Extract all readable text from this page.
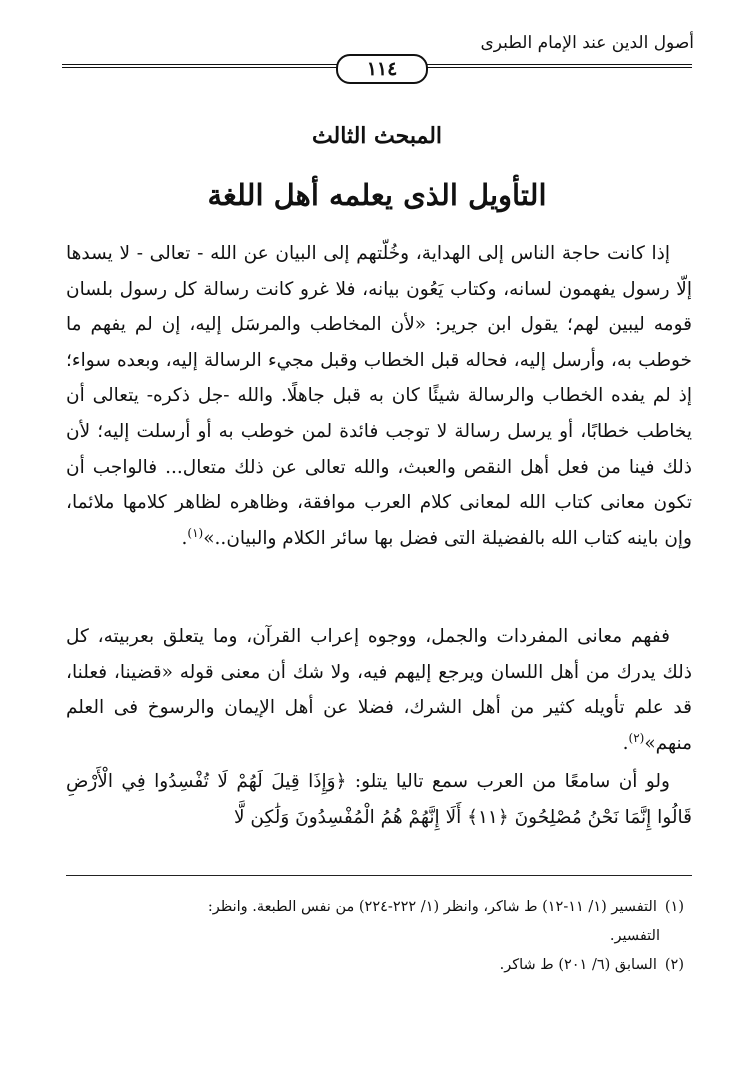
أصول الدين عند الإمام الطبرى
١١٤
المبحث الثالث
التأويل الذى يعلمه أهل اللغة

إذا كانت حاجة الناس إلى الهداية، وخُلّتهم إلى البيان عن الله - تعالى - لا يسدها إلّا رسول يفهمون لسانه، وكتاب يَعُون بيانه، فلا غرو كانت رسالة كل رسول بلسان قومه ليبين لهم؛ يقول ابن جرير: «لأن المخاطب والمرسَل إليه، إن لم يفهم ما خوطب به، وأرسل إليه، فحاله قبل الخطاب وقبل مجيء الرسالة إليه، وبعده سواء؛ إذ لم يفده الخطاب والرسالة شيئًا كان به قبل جاهلًا. والله -جل ذكره- يتعالى أن يخاطب خطابًا، أو يرسل رسالة لا توجب فائدة لمن خوطب به أو أرسلت إليه؛ لأن ذلك فينا من فعل أهل النقص والعبث، والله تعالى عن ذلك متعال... فالواجب أن تكون معانى كتاب الله لمعانى كلام العرب موافقة، وظاهره لظاهر كلامها ملائما، وإن باينه كتاب الله بالفضيلة التى فضل بها سائر الكلام والبيان..»$^{(١)}$.

ففهم معانى المفردات والجمل، ووجوه إعراب القرآن، وما يتعلق بعربيته، كل ذلك يدرك من أهل اللسان ويرجع إليهم فيه، ولا شك أن معنى قوله «قضينا، فعلنا، قد علم تأويله كثير من أهل الشرك، فضلا عن أهل الإيمان والرسوخ فى العلم منهم»$^{(٢)}$.

ولو أن سامعًا من العرب سمع تاليا يتلو: ﴿وَإِذَا قِيلَ لَهُمْ لَا تُفْسِدُوا فِي الْأَرْضِ قَالُوا إِنَّمَا نَحْنُ مُصْلِحُونَ ﴿١١﴾ أَلَا إِنَّهُمْ هُمُ الْمُفْسِدُونَ وَلَٰكِن لَّا

(١)التفسير (١/ ١١-١٢) ط شاكر، وانظر (١/ ٢٢٢-٢٢٤) من نفس الطبعة. وانظر:

التفسير.

(٢)السابق (٦/ ٢٠١) ط شاكر.
